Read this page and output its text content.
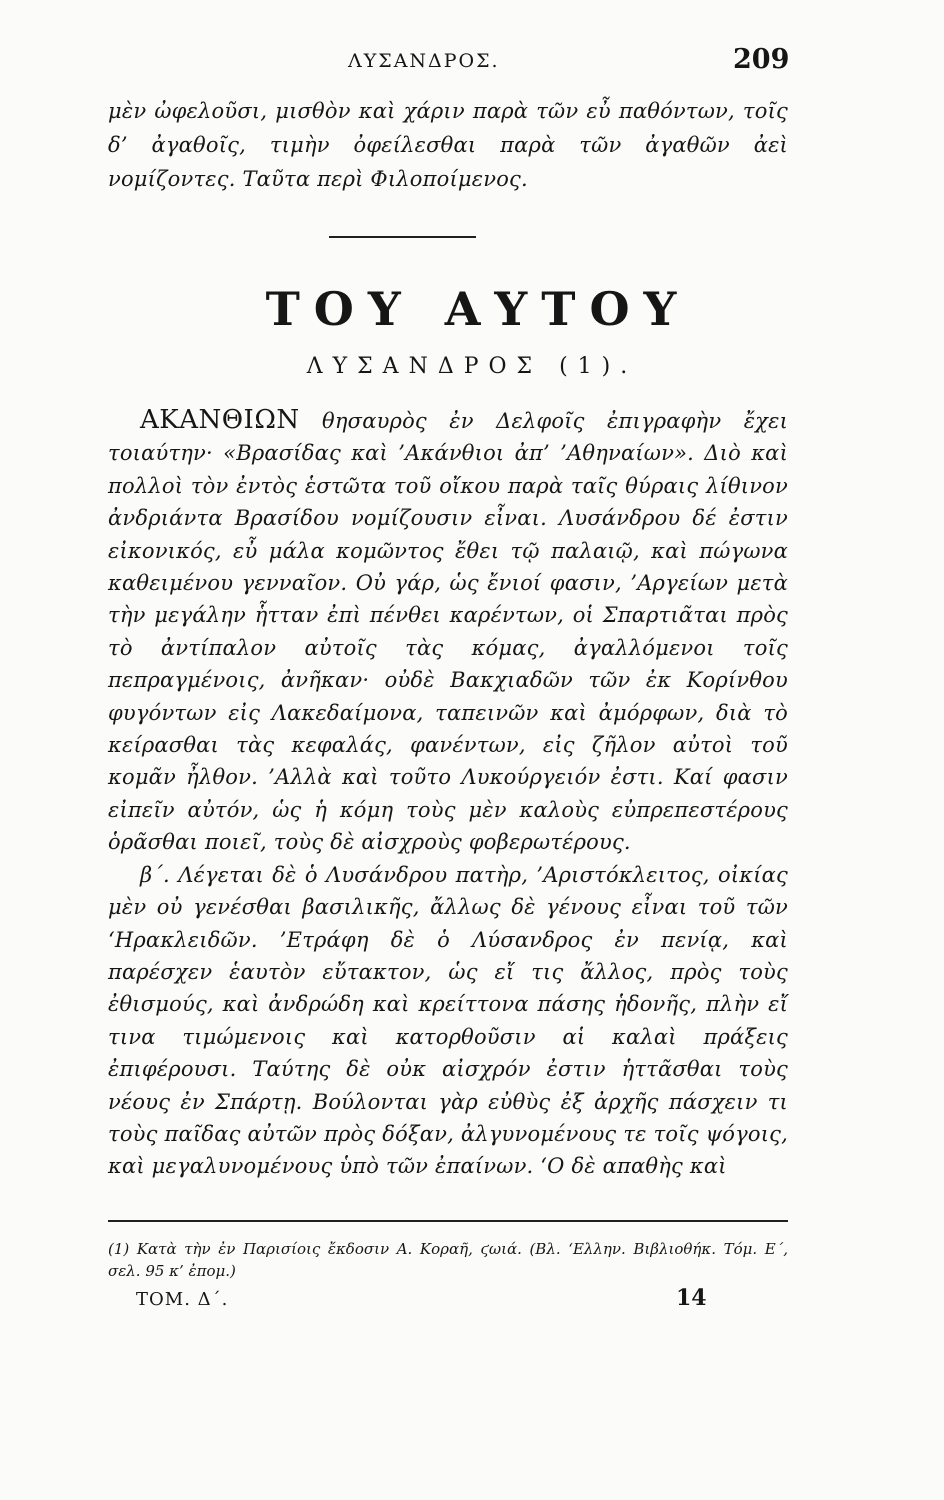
ΛΥΣΑΝΔΡΟΣ.	209

μὲν ὠφελοῦσι, μισθὸν καὶ χάριν παρὰ τῶν εὖ παθόντων, τοῖς δ’ ἀγαθοῖς, τιμὴν ὀφείλεσθαι παρὰ τῶν ἀγαθῶν ἀεὶ νομίζοντες. Ταῦτα περὶ Φιλοποίμενος.

ΤΟΥ ΑΥΤΟΥ
ΛΥΣΑΝΔΡΟΣ (1).

ΑΚΑΝΘΙΩΝ θησαυρὸς ἐν Δελφοῖς ἐπιγραφὴν ἔχει τοιαύτην· «Βρασίδας καὶ ’Ακάνθιοι ἀπ’ ’Αθηναίων». Διὸ καὶ πολλοὶ τὸν ἐντὸς ἑστῶτα τοῦ οἴκου παρὰ ταῖς θύραις λίθινον ἀνδριάντα Βρασίδου νομίζουσιν εἶναι. Λυσάνδρου δέ ἐστιν εἰκονικός, εὖ μάλα κομῶντος ἔθει τῷ παλαιῷ, καὶ πώγωνα καθειμένου γενναῖον. Οὐ γάρ, ὡς ἔνιοί φασιν, ’Αργείων μετὰ τὴν μεγάλην ἧτταν ἐπὶ πένθει καρέντων, οἱ Σπαρτιᾶται πρὸς τὸ ἀντίπαλον αὐτοῖς τὰς κόμας, ἀγαλλόμενοι τοῖς πεπραγμένοις, ἀνῆκαν· οὐδὲ Βακχιαδῶν τῶν ἐκ Κορίνθου φυγόντων εἰς Λακεδαίμονα, ταπεινῶν καὶ ἀμόρφων, διὰ τὸ κείρασθαι τὰς κεφαλάς, φανέντων, εἰς ζῆλον αὐτοὶ τοῦ κομᾶν ἦλθον. ’Αλλὰ καὶ τοῦτο Λυκούργειόν ἐστι. Καί φασιν εἰπεῖν αὐτόν, ὡς ἡ κόμη τοὺς μὲν καλοὺς εὐπρεπεστέρους ὁρᾶσθαι ποιεῖ, τοὺς δὲ αἰσχροὺς φοβερωτέρους.

β΄. Λέγεται δὲ ὁ Λυσάνδρου πατὴρ, ’Αριστόκλειτος, οἰκίας μὲν οὐ γενέσθαι βασιλικῆς, ἄλλως δὲ γένους εἶναι τοῦ τῶν ‘Ηρακλειδῶν. ’Ετράφη δὲ ὁ Λύσανδρος ἐν πενίᾳ, καὶ παρέσχεν ἑαυτὸν εὔτακτον, ὡς εἴ τις ἄλλος, πρὸς τοὺς ἐθισμούς, καὶ ἀνδρώδη καὶ κρείττονα πάσης ἡδονῆς, πλὴν εἴ τινα τιμώμενοις καὶ κατορθοῦσιν αἱ καλαὶ πράξεις ἐπιφέρουσι. Ταύτης δὲ οὐκ αἰσχρόν ἐστιν ἡττᾶσθαι τοὺς νέους ἐν Σπάρτῃ. Βούλονται γὰρ εὐθὺς ἐξ ἀρχῆς πάσχειν τι τοὺς παῖδας αὐτῶν πρὸς δόξαν, ἀλγυνομένους τε τοῖς ψόγοις, καὶ μεγαλυνομένους ὑπὸ τῶν ἐπαίνων. ‘Ο δὲ απαθὴς καὶ

(1) Κατὰ τὴν ἐν Παρισίοις ἔκδοσιν Α. Κοραῆ, ϛωιά. (Βλ. ‘Ελλην. Βιβλιοθήκ. Τόμ. Ε΄, σελ. 95 κ’ ἐπομ.)
ΤΟΜ. Δ΄.	14
